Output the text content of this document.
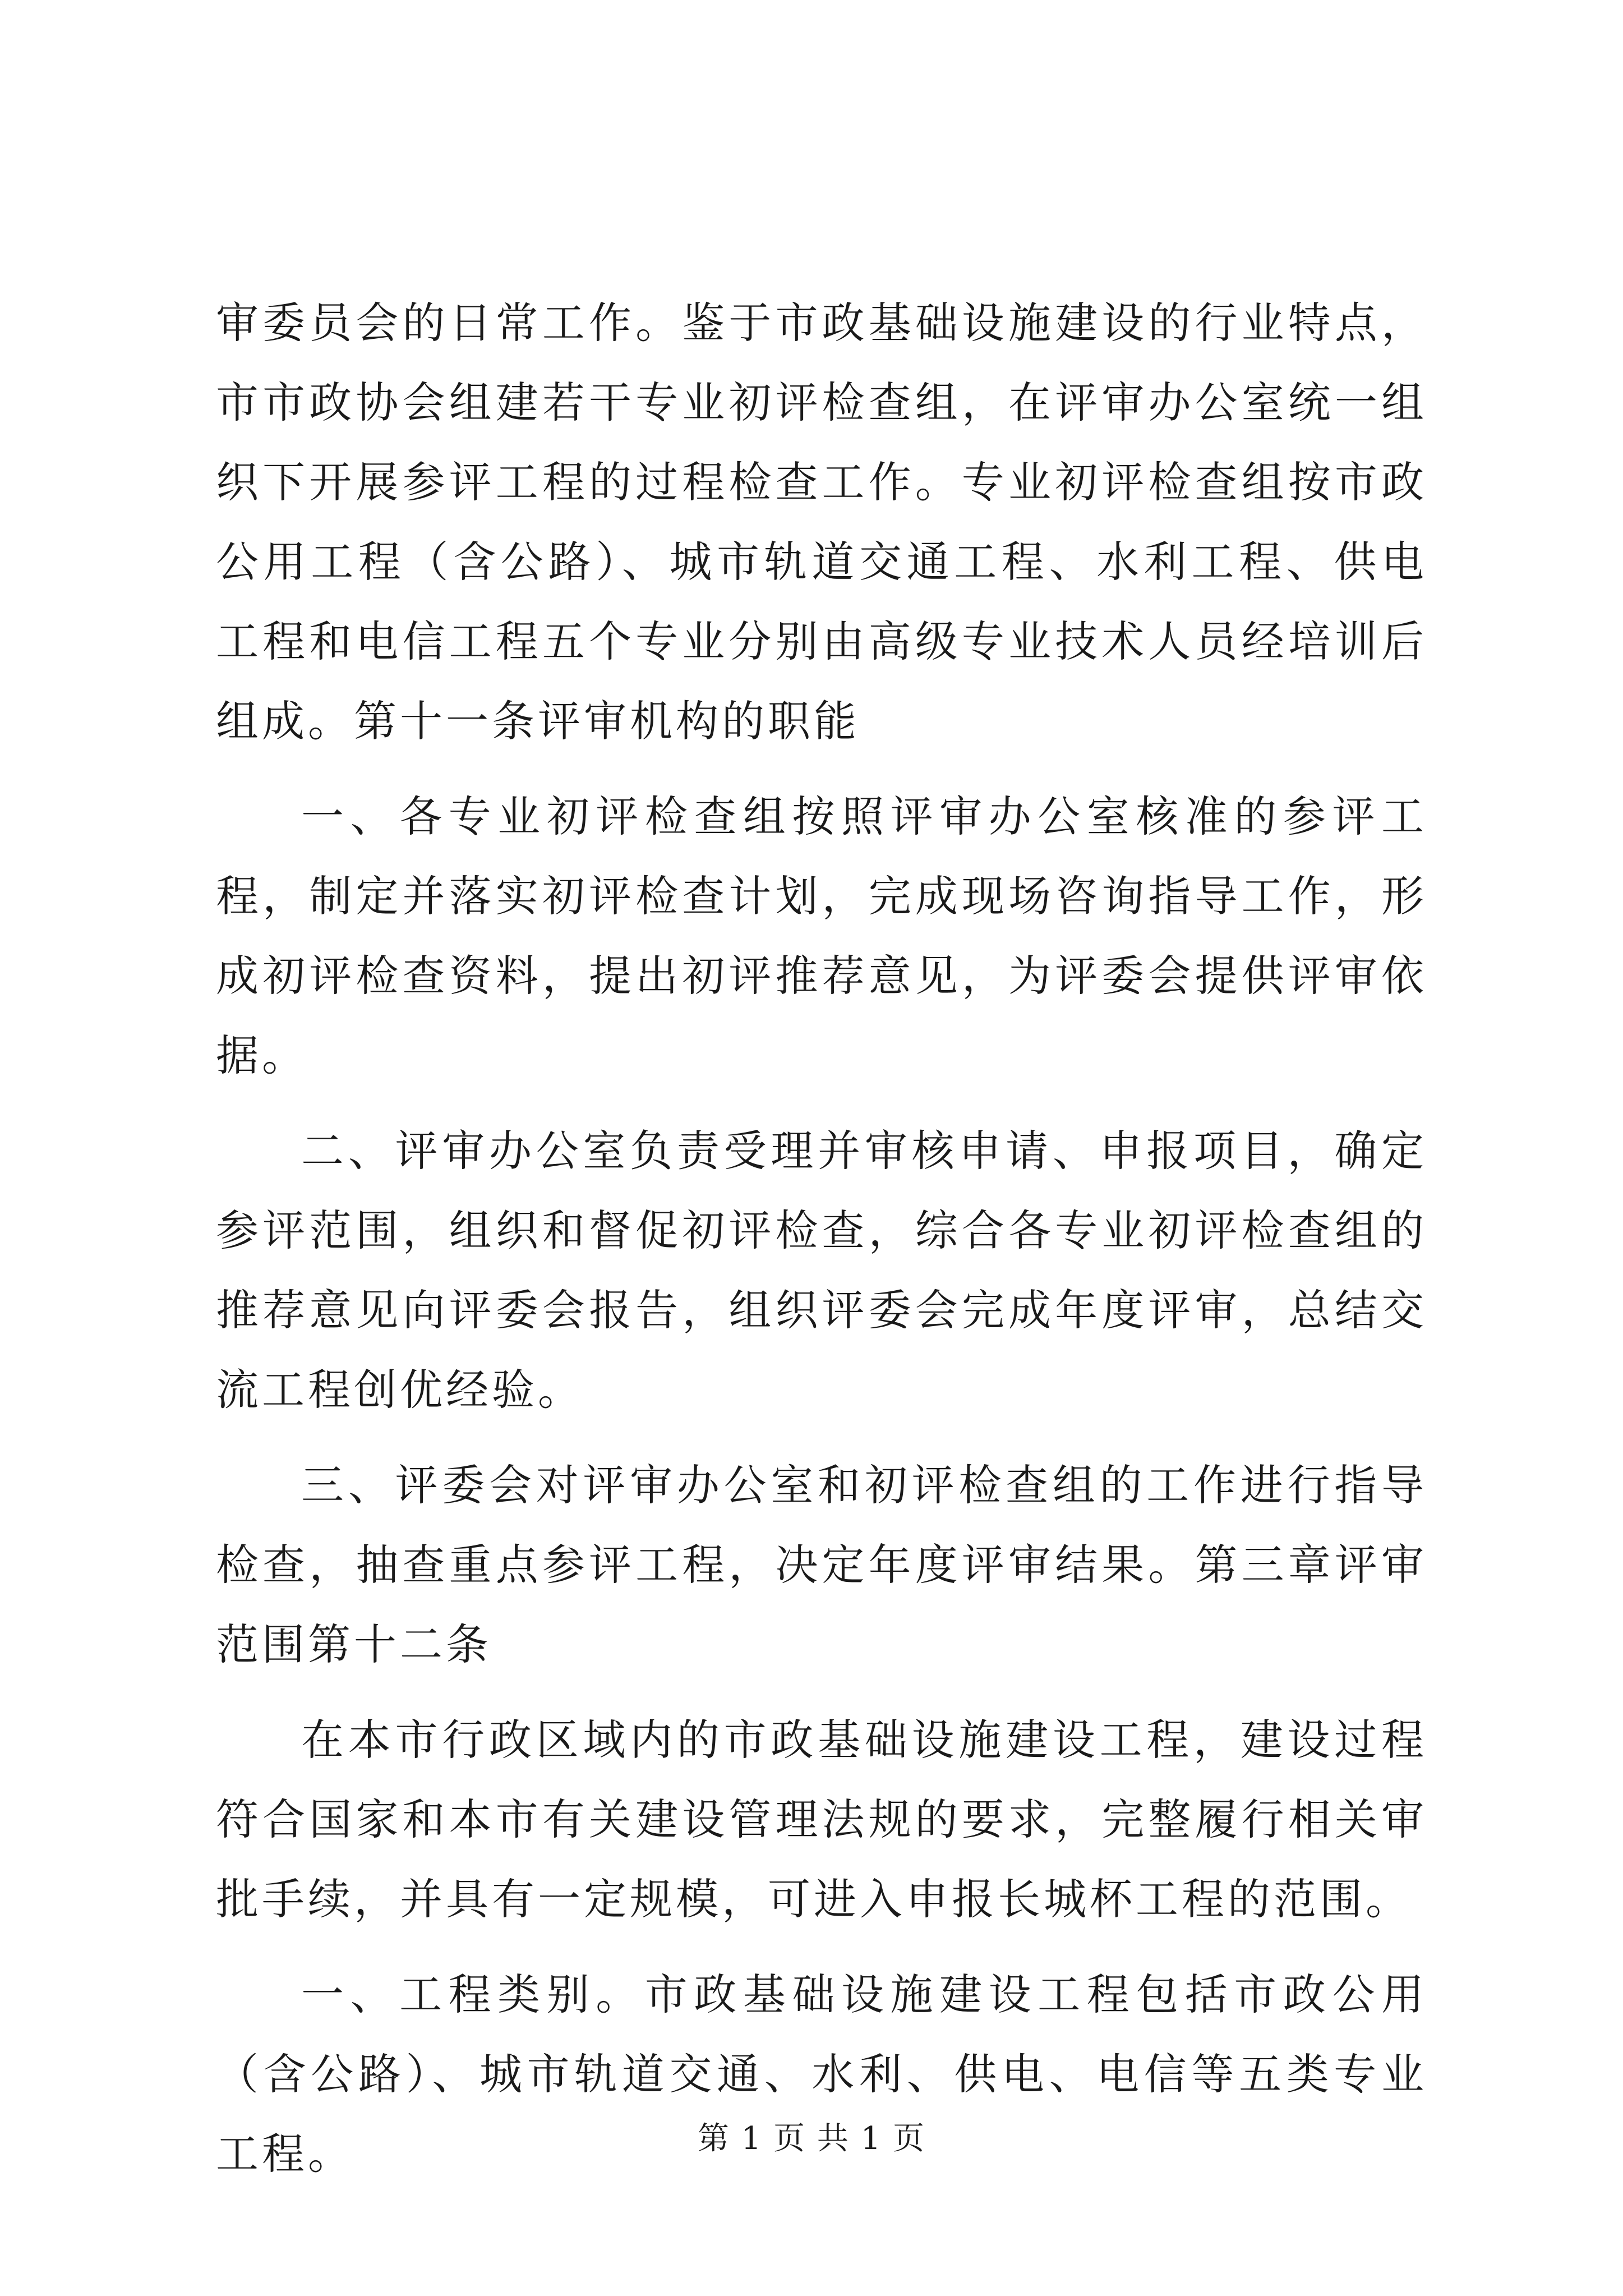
审委员会的日常工作。鉴于市政基础设施建设的行业特点，市市政协会组建若干专业初评检查组，在评审办公室统一组织下开展参评工程的过程检查工作。专业初评检查组按市政公用工程（含公路）、城市轨道交通工程、水利工程、供电工程和电信工程五个专业分别由高级专业技术人员经培训后组成。第十一条评审机构的职能

一、各专业初评检查组按照评审办公室核准的参评工程，制定并落实初评检查计划，完成现场咨询指导工作，形成初评检查资料，提出初评推荐意见，为评委会提供评审依据。

二、评审办公室负责受理并审核申请、申报项目，确定参评范围，组织和督促初评检查，综合各专业初评检查组的推荐意见向评委会报告，组织评委会完成年度评审，总结交流工程创优经验。

三、评委会对评审办公室和初评检查组的工作进行指导检查，抽查重点参评工程，决定年度评审结果。第三章评审范围第十二条

在本市行政区域内的市政基础设施建设工程，建设过程符合国家和本市有关建设管理法规的要求，完整履行相关审批手续，并具有一定规模，可进入申报长城杯工程的范围。

一、工程类别。市政基础设施建设工程包括市政公用（含公路）、城市轨道交通、水利、供电、电信等五类专业工程。	第 1 页 共 1 页
